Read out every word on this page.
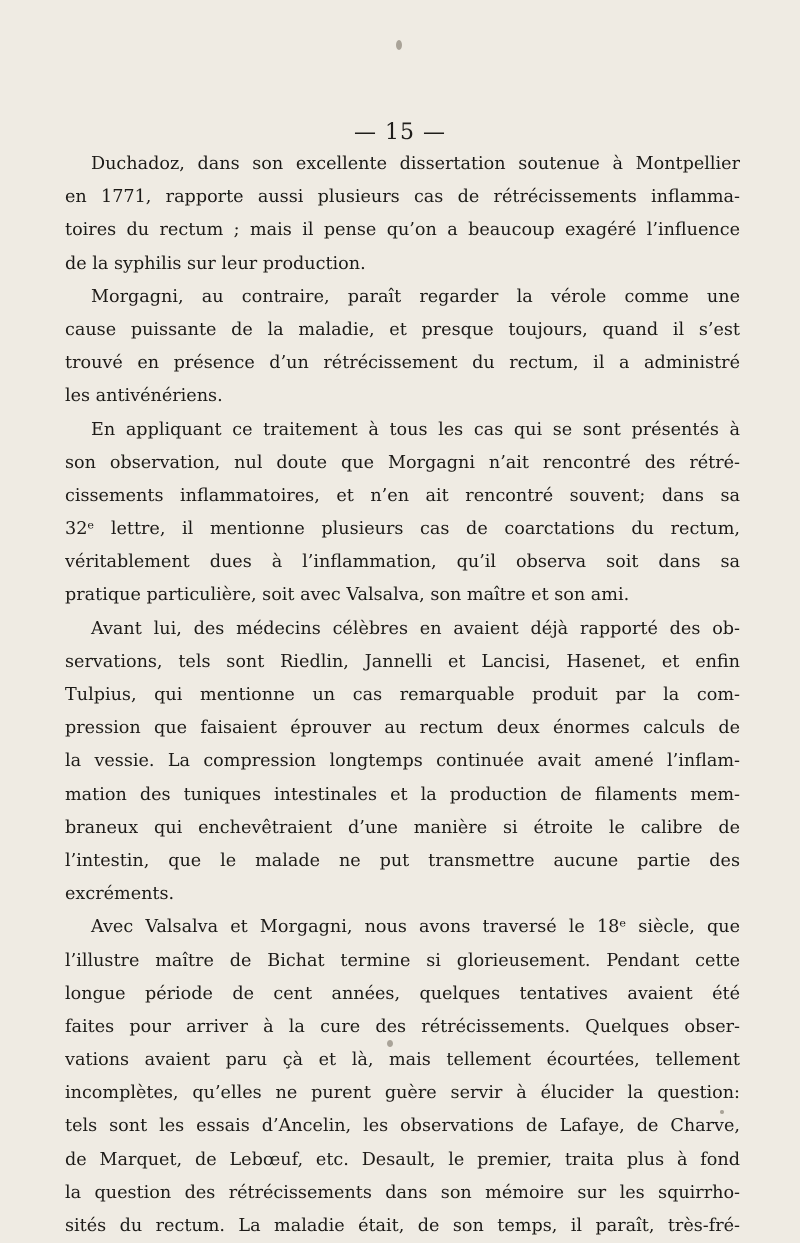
— 15 —
Duchadoz, dans son excellente dissertation soutenue à Montpellier
en 1771, rapporte aussi plusieurs cas de rétrécissements inflamma-
toires du rectum ; mais il pense qu’on a beaucoup exagéré l’influence
de la syphilis sur leur production.
Morgagni, au contraire, paraît regarder la vérole comme une
cause puissante de la maladie, et presque toujours, quand il s’est
trouvé en présence d’un rétrécissement du rectum, il a administré
les antivénériens.
En appliquant ce traitement à tous les cas qui se sont présentés à
son observation, nul doute que Morgagni n’ait rencontré des rétré-
cissements inflammatoires, et n’en ait rencontré souvent; dans sa
32ᵉ lettre, il mentionne plusieurs cas de coarctations du rectum,
véritablement dues à l’inflammation, qu’il observa soit dans sa
pratique particulière, soit avec Valsalva, son maître et son ami.
Avant lui, des médecins célèbres en avaient déjà rapporté des ob-
servations, tels sont Riedlin, Jannelli et Lancisi, Hasenet, et enfin
Tulpius, qui mentionne un cas remarquable produit par la com-
pression que faisaient éprouver au rectum deux énormes calculs de
la vessie. La compression longtemps continuée avait amené l’inflam-
mation des tuniques intestinales et la production de filaments mem-
braneux qui enchevêtraient d’une manière si étroite le calibre de
l’intestin, que le malade ne put transmettre aucune partie des
excréments.
Avec Valsalva et Morgagni, nous avons traversé le 18ᵉ siècle, que
l’illustre maître de Bichat termine si glorieusement. Pendant cette
longue période de cent années, quelques tentatives avaient été
faites pour arriver à la cure des rétrécissements. Quelques obser-
vations avaient paru çà et là, mais tellement écourtées, tellement
incomplètes, qu’elles ne purent guère servir à élucider la question:
tels sont les essais d’Ancelin, les observations de Lafaye, de Charve,
de Marquet, de Lebœuf, etc. Desault, le premier, traita plus à fond
la question des rétrécissements dans son mémoire sur les squirrho-
sités du rectum. La maladie était, de son temps, il paraît, très-fré-
